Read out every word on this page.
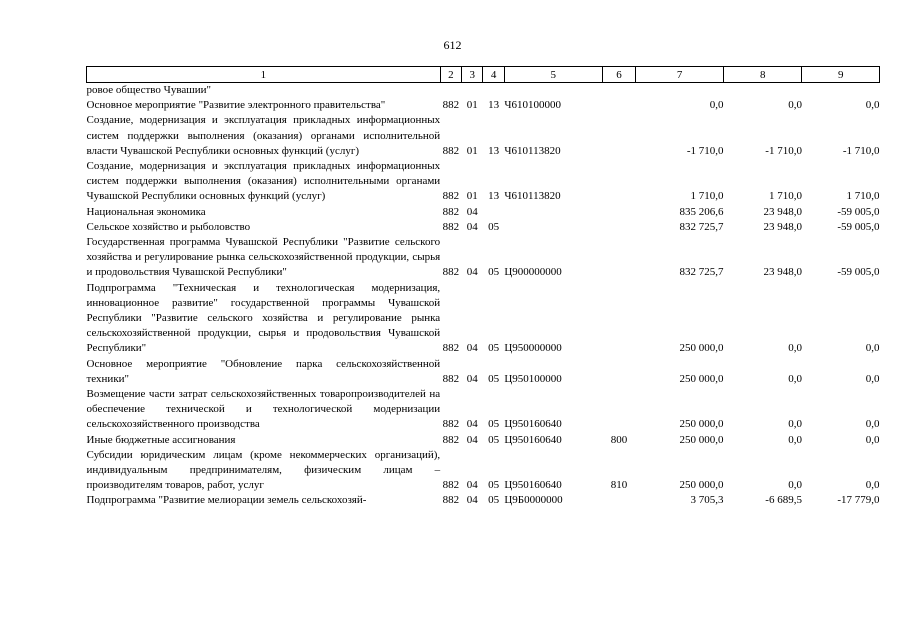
612
1	2	3	4	5	6	7	8	9
ровое общество Чувашии"								
Основное мероприятие "Развитие электронного правительства"	882	01	13	Ч610100000		0,0	0,0	0,0
Создание, модернизация и эксплуатация прикладных информационных систем поддержки выполнения (оказания) органами исполнительной власти Чувашской Республики основных функций (услуг)	882	01	13	Ч610113820		-1 710,0	-1 710,0	-1 710,0
Создание, модернизация и эксплуатация прикладных информационных систем поддержки выполнения (оказания) исполнительными органами Чувашской Республики основных функций (услуг)	882	01	13	Ч610113820		1 710,0	1 710,0	1 710,0
Национальная экономика	882	04				835 206,6	23 948,0	-59 005,0
Сельское хозяйство и рыболовство	882	04	05			832 725,7	23 948,0	-59 005,0
Государственная программа Чувашской Республики "Развитие сельского хозяйства и регулирование рынка сельскохозяйственной продукции, сырья и продовольствия Чувашской Республики"	882	04	05	Ц900000000		832 725,7	23 948,0	-59 005,0
Подпрограмма "Техническая и технологическая модернизация, инновационное развитие" государственной программы Чувашской Республики "Развитие сельского хозяйства и регулирование рынка сельскохозяйственной продукции, сырья и продовольствия Чувашской Республики"	882	04	05	Ц950000000		250 000,0	0,0	0,0
Основное мероприятие "Обновление парка сельскохозяйственной техники"	882	04	05	Ц950100000		250 000,0	0,0	0,0
Возмещение части затрат сельскохозяйственных товаропроизводителей на обеспечение технической и технологической модернизации сельскохозяйственного производства	882	04	05	Ц950160640		250 000,0	0,0	0,0
Иные бюджетные ассигнования	882	04	05	Ц950160640	800	250 000,0	0,0	0,0
Субсидии юридическим лицам (кроме некоммерческих организаций), индивидуальным предпринимателям, физическим лицам – производителям товаров, работ, услуг	882	04	05	Ц950160640	810	250 000,0	0,0	0,0
Подпрограмма "Развитие мелиорации земель сельскохозяй-	882	04	05	Ц9Б0000000		3 705,3	-6 689,5	-17 779,0
